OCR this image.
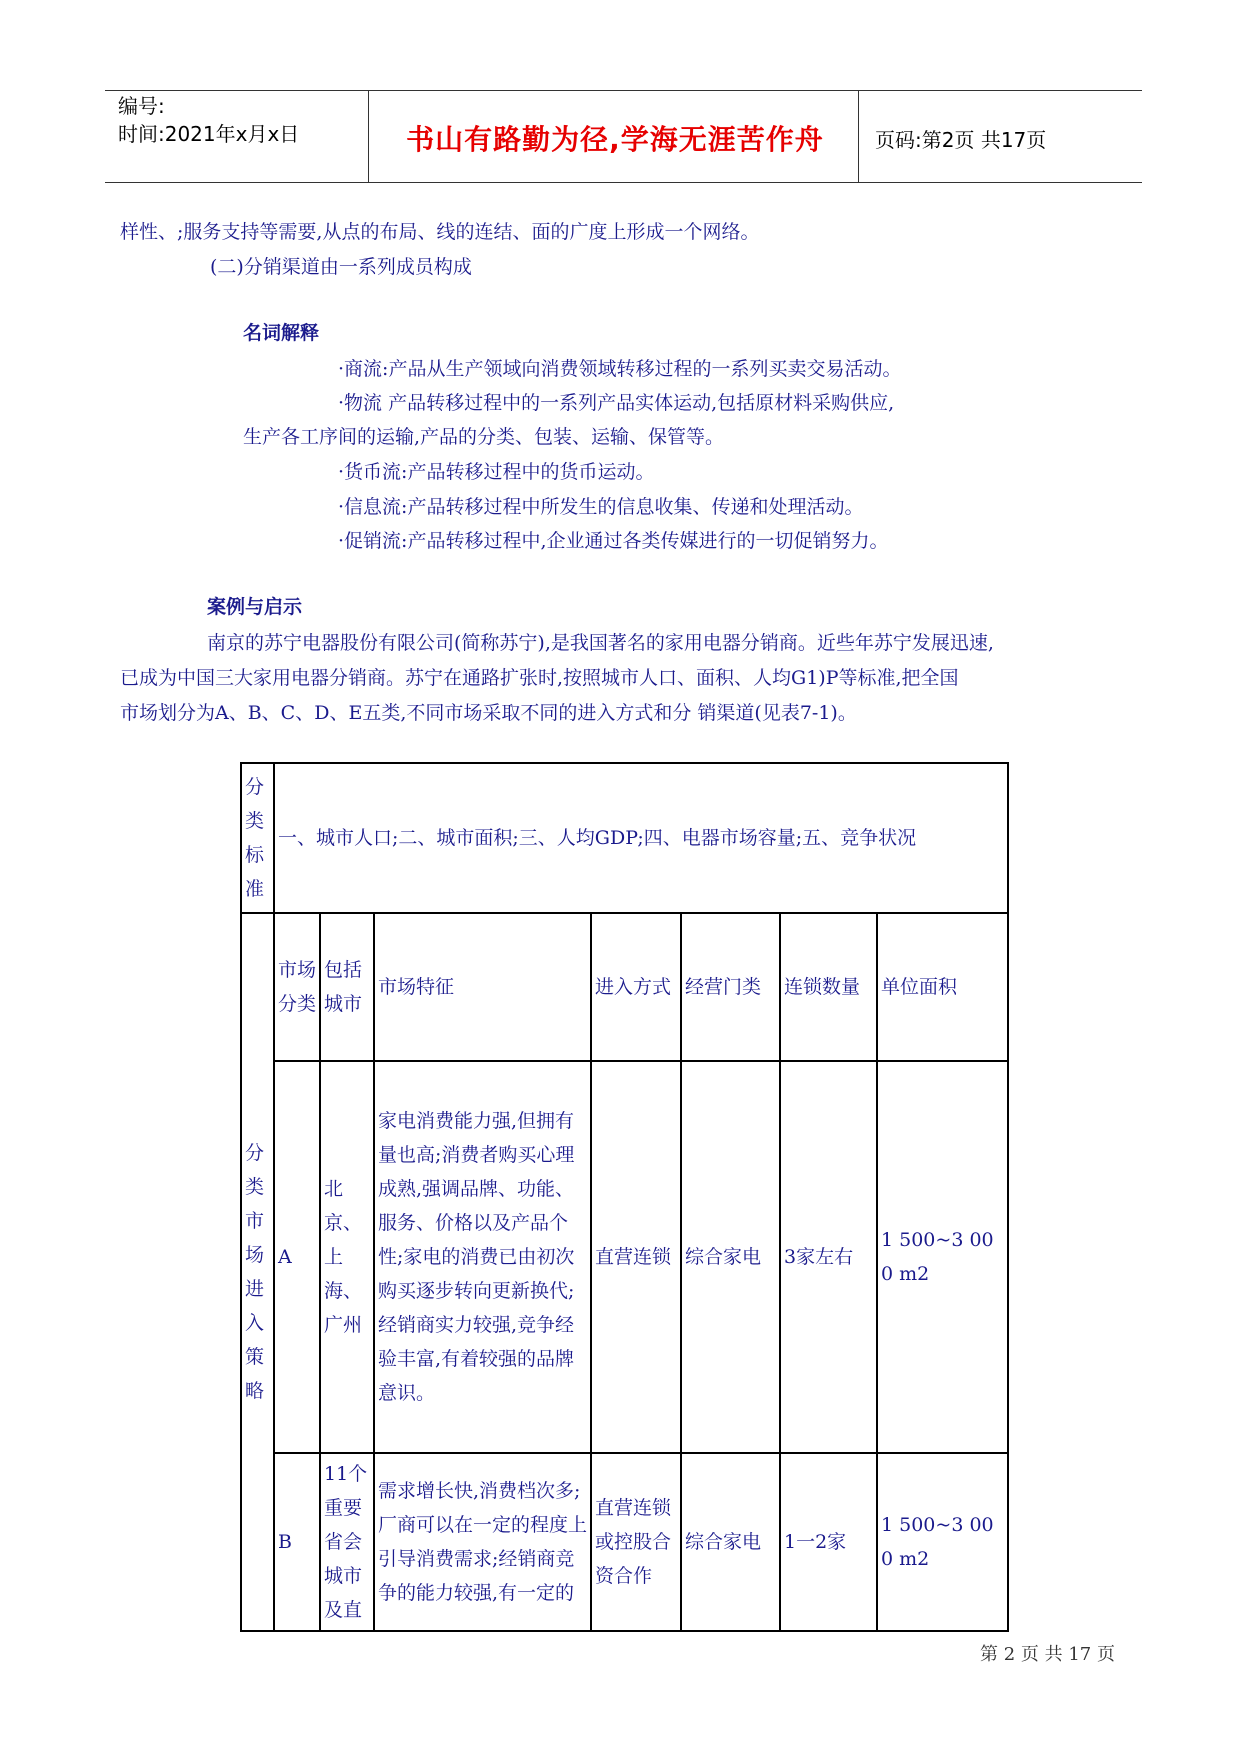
编号:
时间:2021年x月x日	书山有路勤为径,学海无涯苦作舟	页码:第2页 共17页
样性、;服务支持等需要,从点的布局、线的连结、面的广度上形成一个网络。
(二)分销渠道由一系列成员构成
名词解释
·商流:产品从生产领域向消费领域转移过程的一系列买卖交易活动。
·物流 产品转移过程中的一系列产品实体运动,包括原材料采购供应,
生产各工序间的运输,产品的分类、包装、运输、保管等。
·货币流:产品转移过程中的货币运动。
·信息流:产品转移过程中所发生的信息收集、传递和处理活动。
·促销流:产品转移过程中,企业通过各类传媒进行的一切促销努力。
案例与启示
南京的苏宁电器股份有限公司(简称苏宁),是我国著名的家用电器分销商。近些年苏宁发展迅速,
已成为中国三大家用电器分销商。苏宁在通路扩张时,按照城市人口、面积、人均G1)P等标准,把全国
市场划分为A、B、C、D、E五类,不同市场采取不同的进入方式和分 销渠道(见表7-1)。
分类标准	一、城市人口;二、城市面积;三、人均GDP;四、电器市场容量;五、竞争状况						
分类市场进入策略	市场分类	包括城市	市场特征	进入方式	经营门类	连锁数量	单位面积
	A	北京、上海、广州	家电消费能力强,但拥有量也高;消费者购买心理成熟,强调品牌、功能、服务、价格以及产品个性;家电的消费已由初次购买逐步转向更新换代;经销商实力较强,竞争经验丰富,有着较强的品牌意识。	直营连锁	综合家电	3家左右	1 500~3 000 m2
	B	11个重要省会城市及直	需求增长快,消费档次多;厂商可以在一定的程度上引导消费需求;经销商竞争的能力较强,有一定的	直营连锁或控股合资合作	综合家电	1一2家	1 500~3 000 m2
第 2 页 共 17 页
